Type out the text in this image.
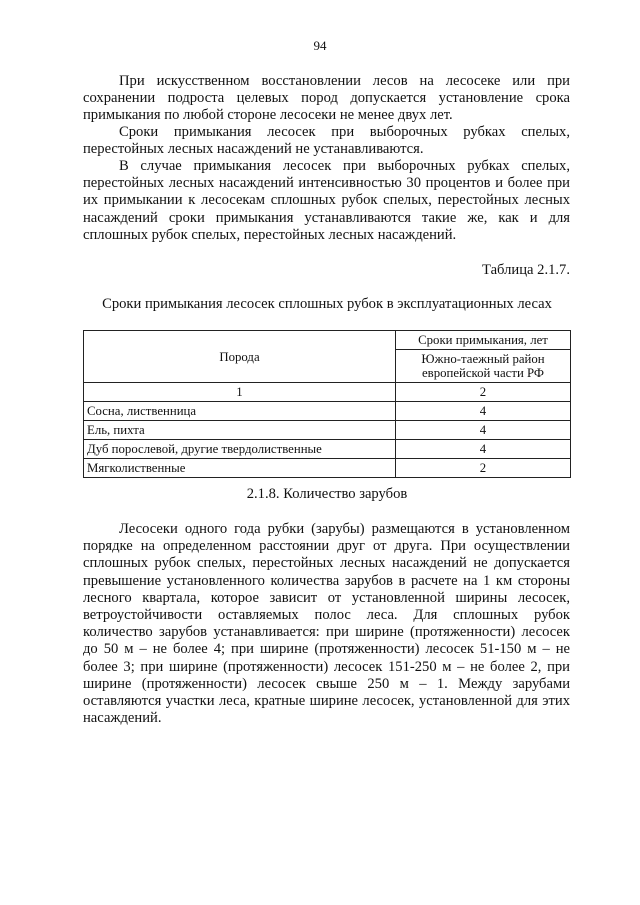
94

При искусственном восстановлении лесов на лесосеке или при сохранении подроста целевых пород допускается установление срока примыкания по любой стороне лесосеки не менее двух лет.

Сроки примыкания лесосек при выборочных рубках спелых, перестойных лесных насаждений не устанавливаются.

В случае примыкания лесосек при выборочных рубках спелых, перестойных лесных насаждений интенсивностью 30 процентов и более при их примыкании к лесосекам сплошных рубок спелых, перестойных лесных насаждений сроки примыкания устанавливаются такие же, как и для сплошных рубок спелых, перестойных лесных насаждений.

Таблица 2.1.7.
Сроки примыкания лесосек сплошных рубок в эксплуатационных лесах
Порода	Сроки примыкания, лет
	Южно-таежный район европейской части РФ
1	2
Сосна, лиственница	4
Ель, пихта	4
Дуб порослевой, другие твердолиственные	4
Мягколиственные	2
2.1.8. Количество зарубов

Лесосеки одного года рубки (зарубы) размещаются в установленном порядке на определенном расстоянии друг от друга. При осуществлении сплошных рубок спелых, перестойных лесных насаждений не допускается превышение установленного количества зарубов в расчете на 1 км стороны лесного квартала, которое зависит от установленной ширины лесосек, ветроустойчивости оставляемых полос леса. Для сплошных рубок количество зарубов устанавливается: при ширине (протяженности) лесосек до 50 м – не более 4; при ширине (протяженности) лесосек 51-150 м – не более 3; при ширине (протяженности) лесосек 151-250 м – не более 2, при ширине (протяженности) лесосек свыше 250 м – 1. Между зарубами оставляются участки леса, кратные ширине лесосек, установленной для этих насаждений.
